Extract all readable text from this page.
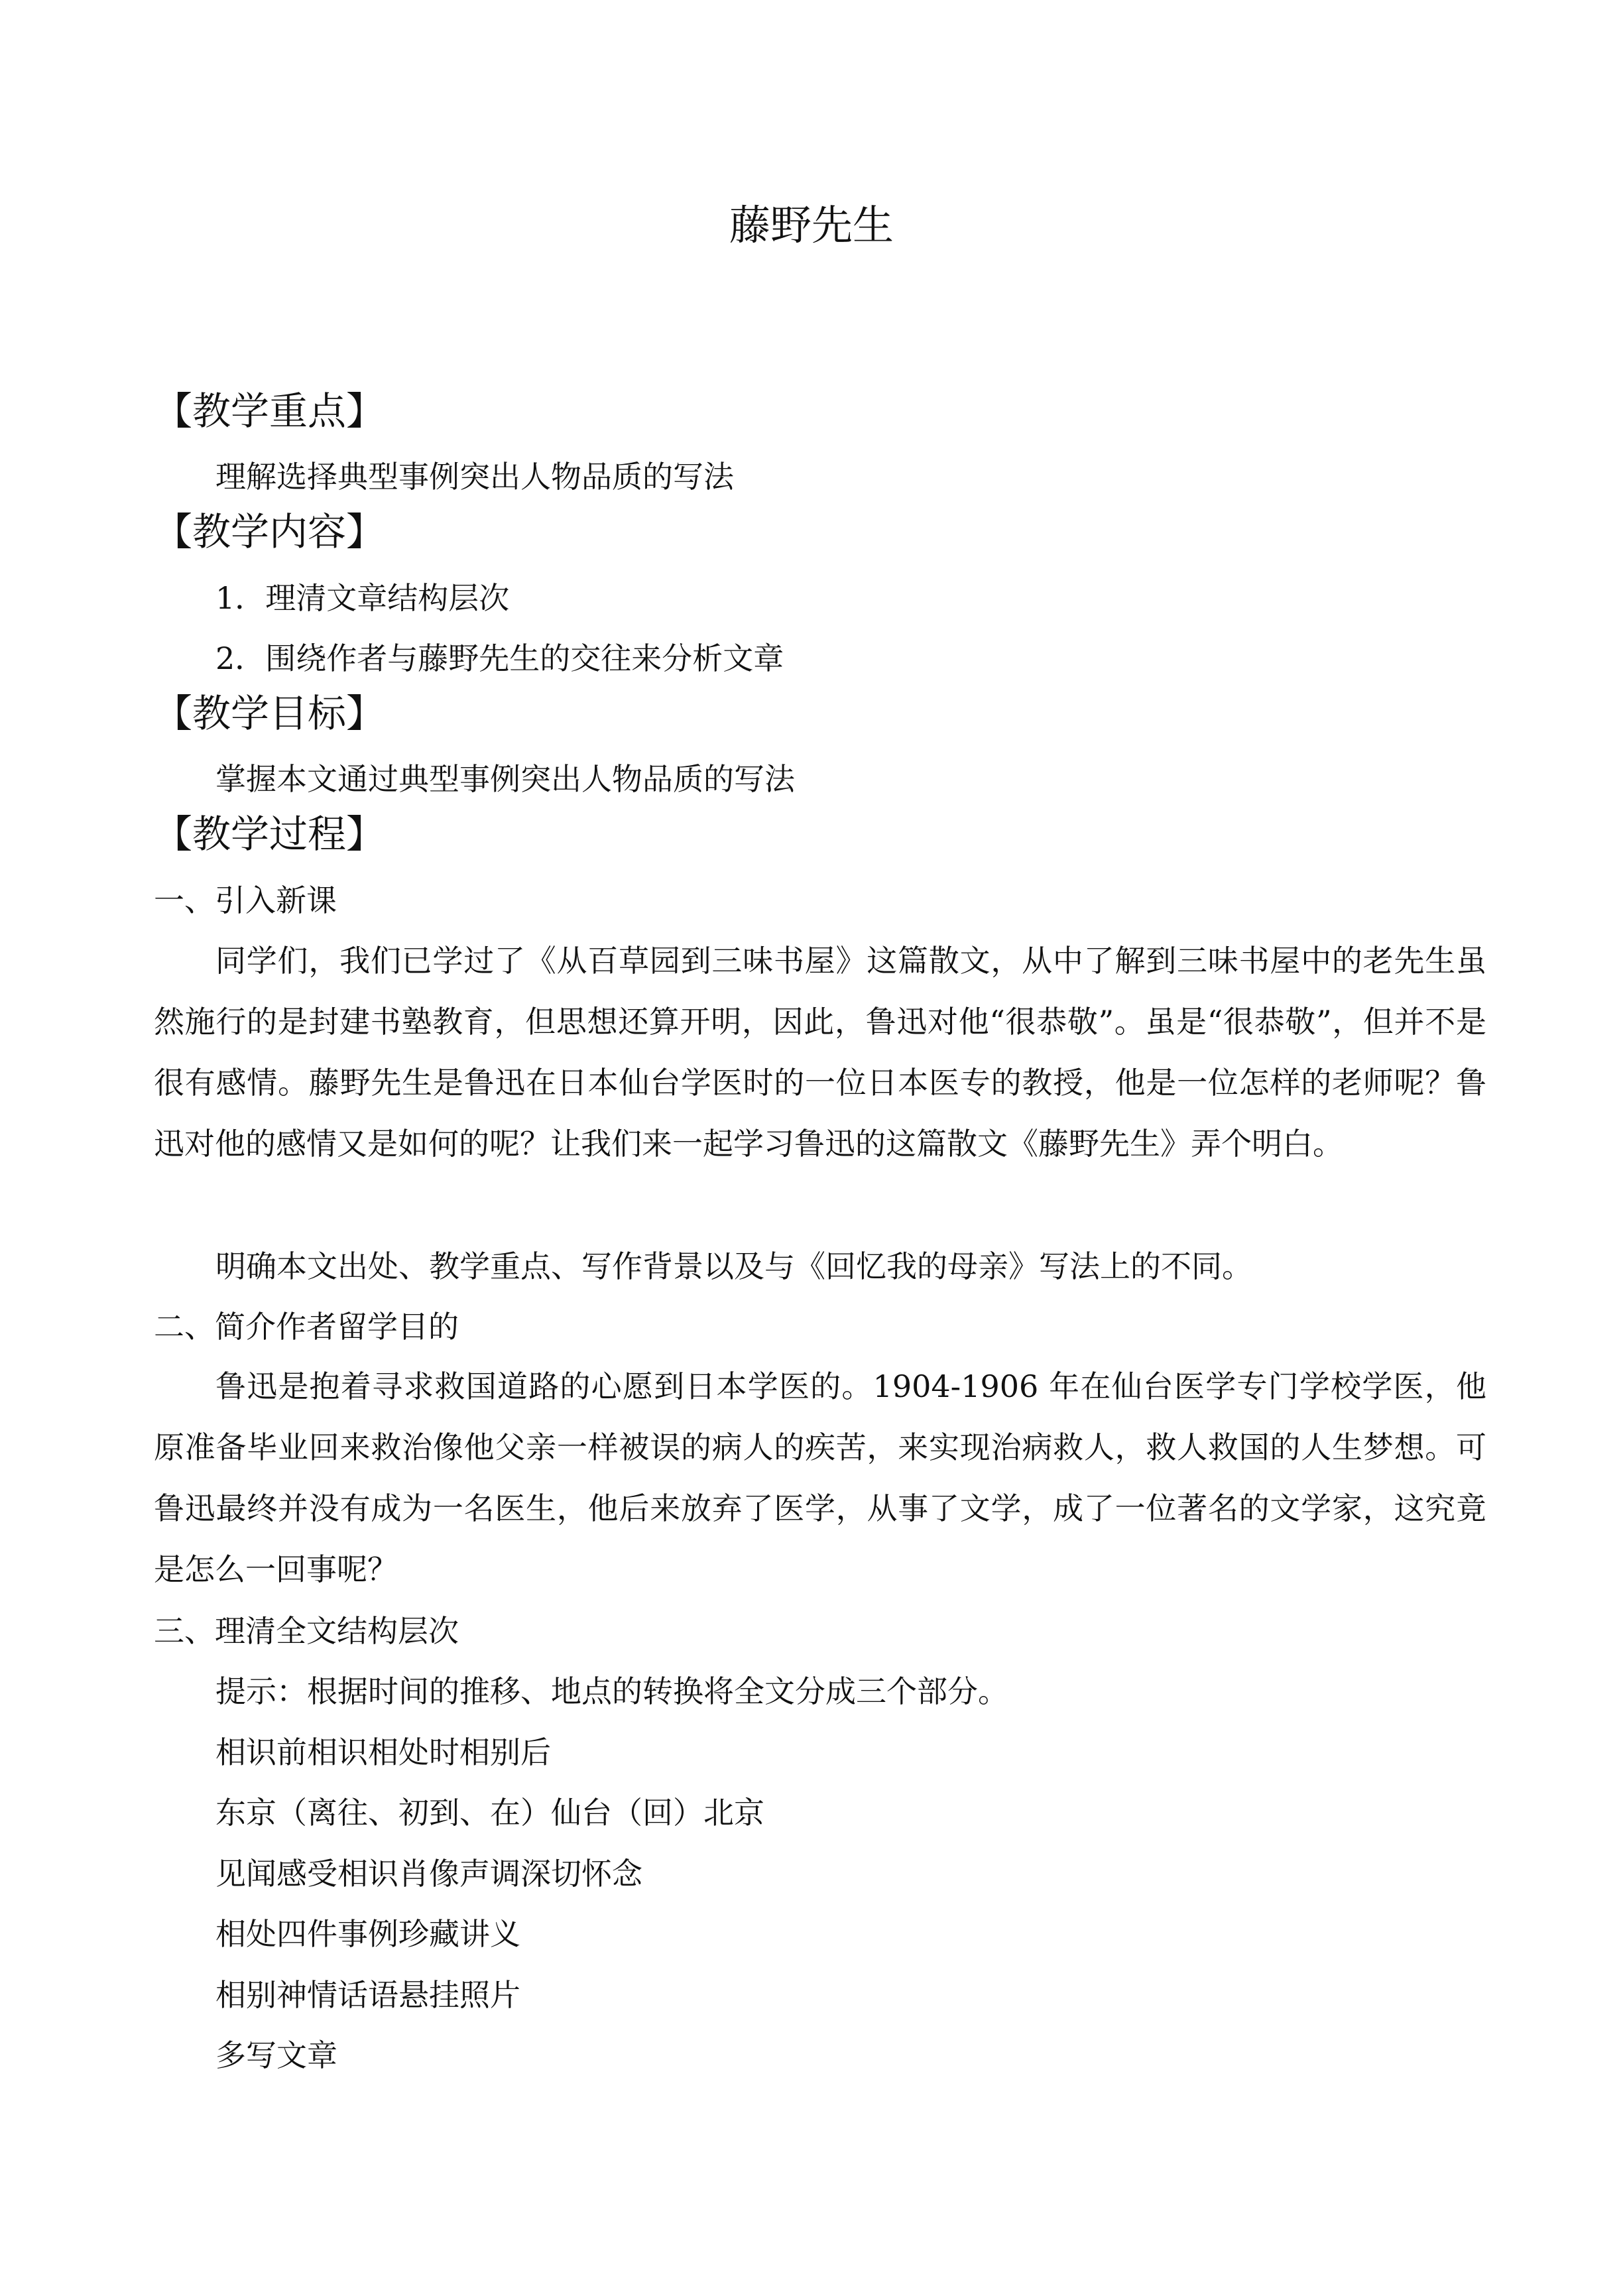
藤野先生
【教学重点】
理解选择典型事例突出人物品质的写法
【教学内容】
1．理清文章结构层次
2．围绕作者与藤野先生的交往来分析文章
【教学目标】
掌握本文通过典型事例突出人物品质的写法
【教学过程】
一、引入新课

同学们，我们已学过了《从百草园到三味书屋》这篇散文，从中了解到三味书屋中的老先生虽然施行的是封建书塾教育，但思想还算开明，因此，鲁迅对他“很恭敬”。虽是“很恭敬”，但并不是很有感情。藤野先生是鲁迅在日本仙台学医时的一位日本医专的教授，他是一位怎样的老师呢？鲁迅对他的感情又是如何的呢？让我们来一起学习鲁迅的这篇散文《藤野先生》弄个明白。

明确本文出处、教学重点、写作背景以及与《回忆我的母亲》写法上的不同。
二、简介作者留学目的

鲁迅是抱着寻求救国道路的心愿到日本学医的。1904-1906 年在仙台医学专门学校学医，他原准备毕业回来救治像他父亲一样被误的病人的疾苦，来实现治病救人，救人救国的人生梦想。可鲁迅最终并没有成为一名医生，他后来放弃了医学，从事了文学，成了一位著名的文学家，这究竟是怎么一回事呢？

三、理清全文结构层次
提示：根据时间的推移、地点的转换将全文分成三个部分。
相识前相识相处时相别后
东京（离往、初到、在）仙台（回）北京
见闻感受相识肖像声调深切怀念
相处四件事例珍藏讲义
相别神情话语悬挂照片
多写文章
